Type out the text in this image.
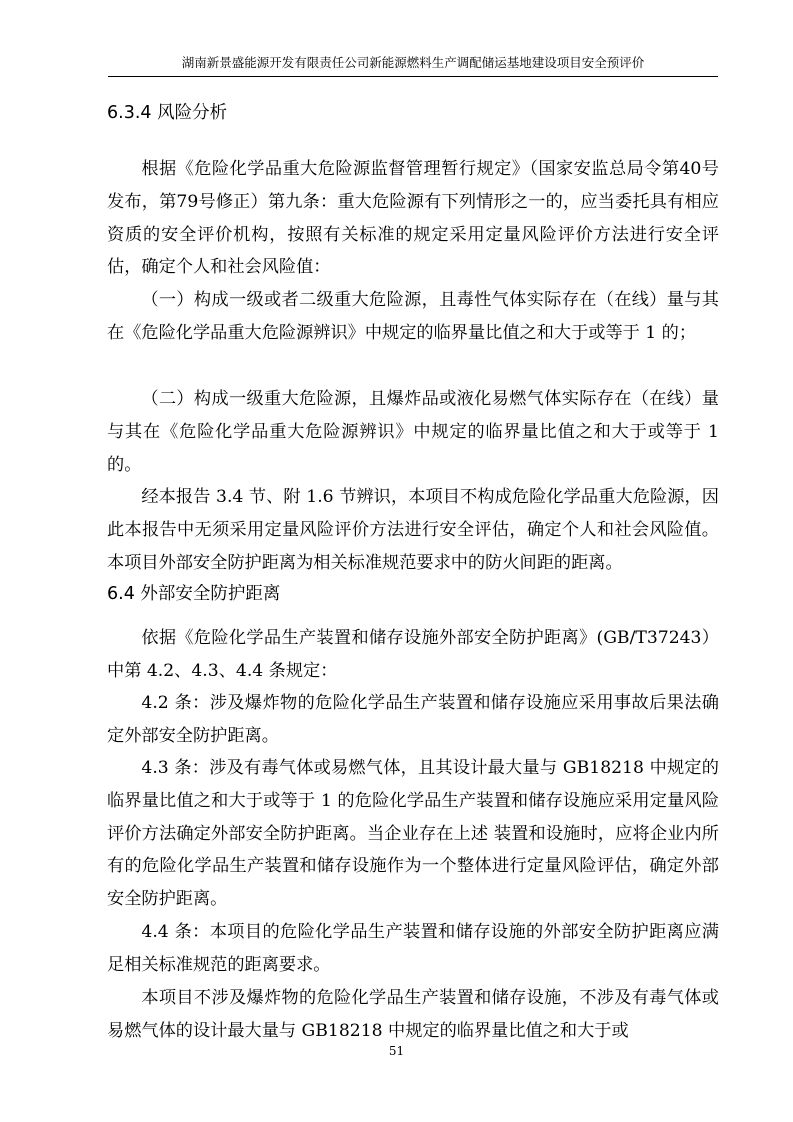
湖南新景盛能源开发有限责任公司新能源燃料生产调配储运基地建设项目安全预评价
6.3.4 风险分析

根据《危险化学品重大危险源监督管理暂行规定》（国家安监总局令第40号发布，第79号修正）第九条：重大危险源有下列情形之一的，应当委托具有相应资质的安全评价机构，按照有关标准的规定采用定量风险评价方法进行安全评估，确定个人和社会风险值：

（一）构成一级或者二级重大危险源，且毒性气体实际存在（在线）量与其在《危险化学品重大危险源辨识》中规定的临界量比值之和大于或等于 1 的；

（二）构成一级重大危险源，且爆炸品或液化易燃气体实际存在（在线）量与其在《危险化学品重大危险源辨识》中规定的临界量比值之和大于或等于 1 的。

经本报告 3.4 节、附 1.6 节辨识，本项目不构成危险化学品重大危险源，因此本报告中无须采用定量风险评价方法进行安全评估，确定个人和社会风险值。本项目外部安全防护距离为相关标准规范要求中的防火间距的距离。

6.4 外部安全防护距离

依据《危险化学品生产装置和储存设施外部安全防护距离》(GB/T37243）中第 4.2、4.3、4.4 条规定：

4.2 条：涉及爆炸物的危险化学品生产装置和储存设施应采用事故后果法确定外部安全防护距离。

4.3 条：涉及有毒气体或易燃气体，且其设计最大量与 GB18218 中规定的临界量比值之和大于或等于 1 的危险化学品生产装置和储存设施应采用定量风险评价方法确定外部安全防护距离。当企业存在上述 装置和设施时，应将企业内所有的危险化学品生产装置和储存设施作为一个整体进行定量风险评估，确定外部安全防护距离。

4.4 条：本项目的危险化学品生产装置和储存设施的外部安全防护距离应满足相关标准规范的距离要求。

本项目不涉及爆炸物的危险化学品生产装置和储存设施，不涉及有毒气体或易燃气体的设计最大量与 GB18218 中规定的临界量比值之和大于或

51
